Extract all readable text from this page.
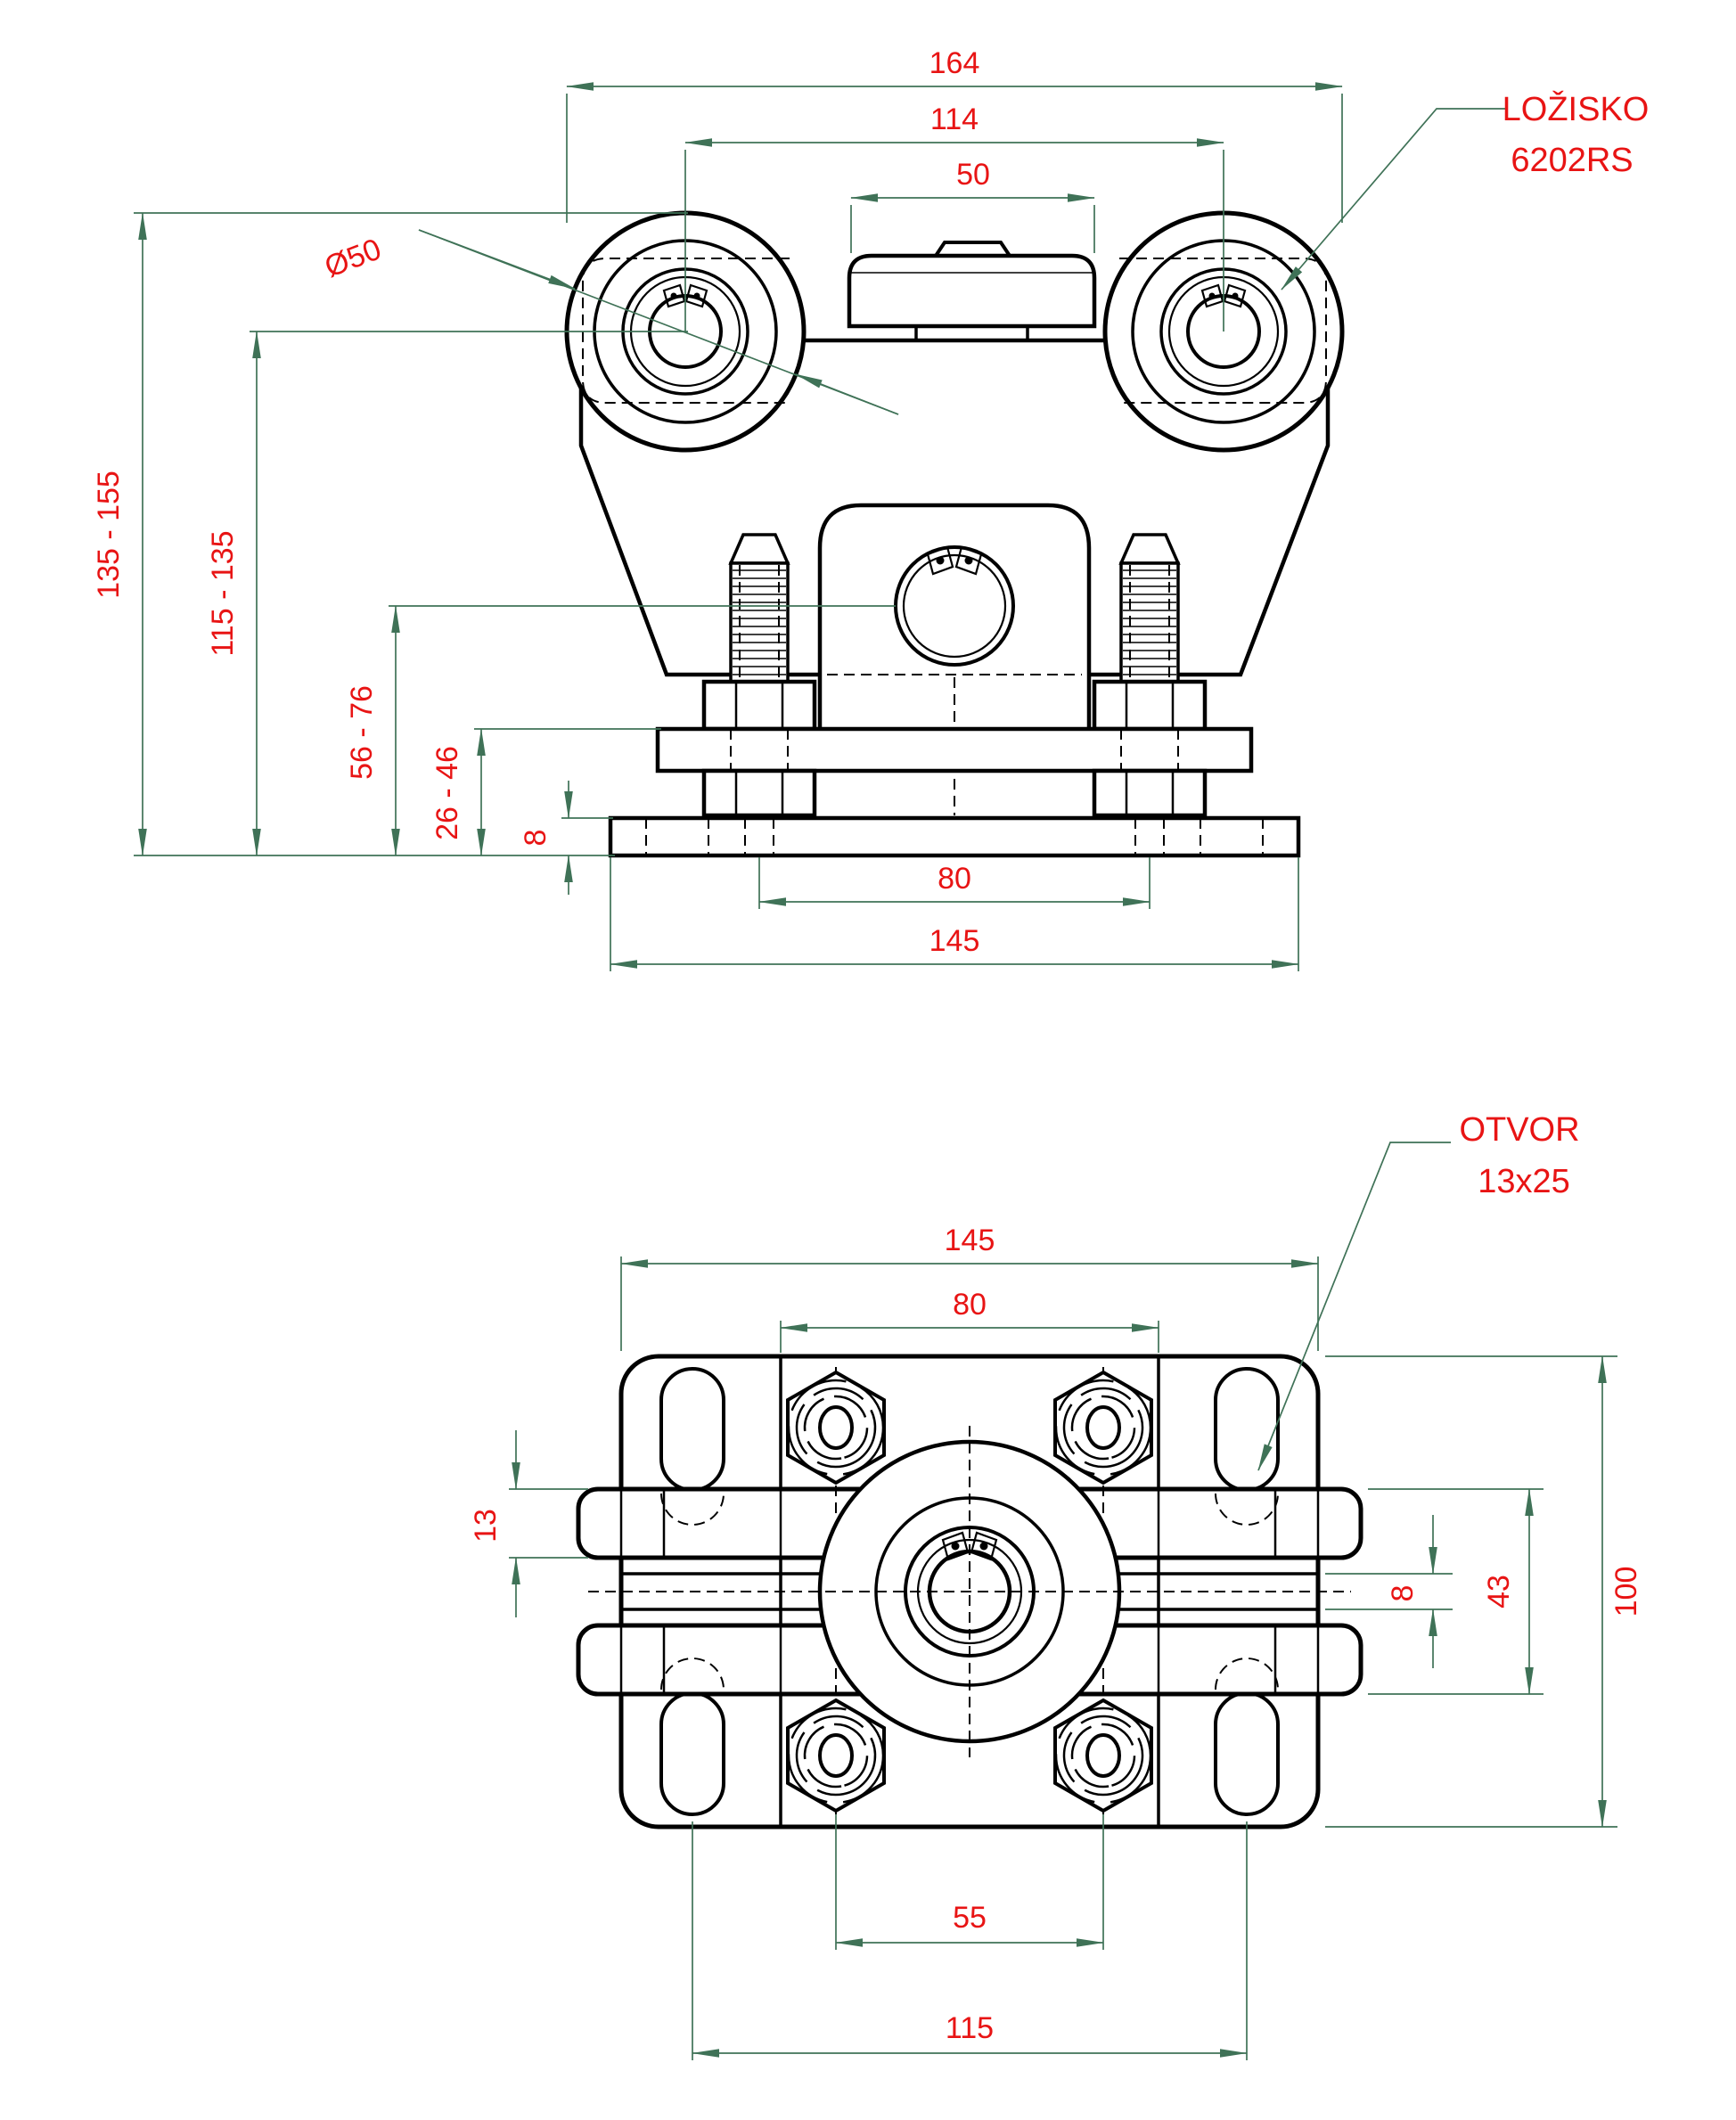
164
114
50
Ø50
135 - 155	115 - 135
56 - 76
26 - 46 8
80
145
LOŽISKO
6202RS
145
80
OTVOR
13x25
13
8 43	100
55
115
